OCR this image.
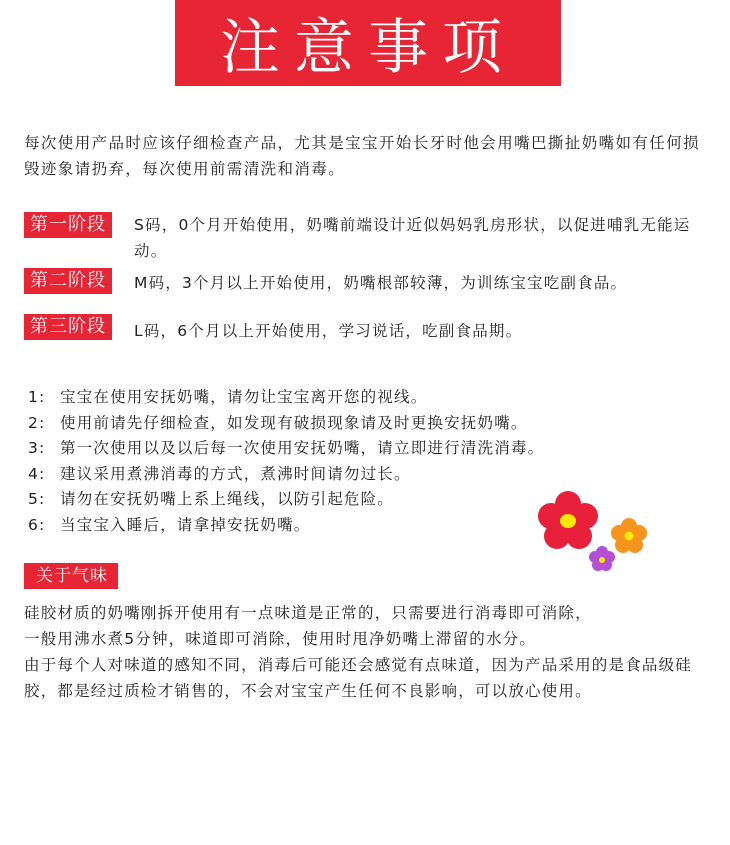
注意事项
每次使用产品时应该仔细检查产品，尤其是宝宝开始长牙时他会用嘴巴撕扯奶嘴如有任何损毁迹象请扔弃，每次使用前需清洗和消毒。
第一阶段	S码，0个月开始使用，奶嘴前端设计近似妈妈乳房形状，以促进哺乳无能运动。
第二阶段	M码，3个月以上开始使用，奶嘴根部较薄，为训练宝宝吃副食品。
第三阶段	L码，6个月以上开始使用，学习说话，吃副食品期。
1: 宝宝在使用安抚奶嘴，请勿让宝宝离开您的视线。
2: 使用前请先仔细检查，如发现有破损现象请及时更换安抚奶嘴。
3: 第一次使用以及以后每一次使用安抚奶嘴，请立即进行清洗消毒。
4: 建议采用煮沸消毒的方式，煮沸时间请勿过长。
5: 请勿在安抚奶嘴上系上绳线，以防引起危险。
6: 当宝宝入睡后，请拿掉安抚奶嘴。
关于气味
硅胶材质的奶嘴刚拆开使用有一点味道是正常的，只需要进行消毒即可消除，
一般用沸水煮5分钟，味道即可消除，使用时甩净奶嘴上滞留的水分。
由于每个人对味道的感知不同，消毒后可能还会感觉有点味道，因为产品采用的是食品级硅胶，都是经过质检才销售的，不会对宝宝产生任何不良影响，可以放心使用。
